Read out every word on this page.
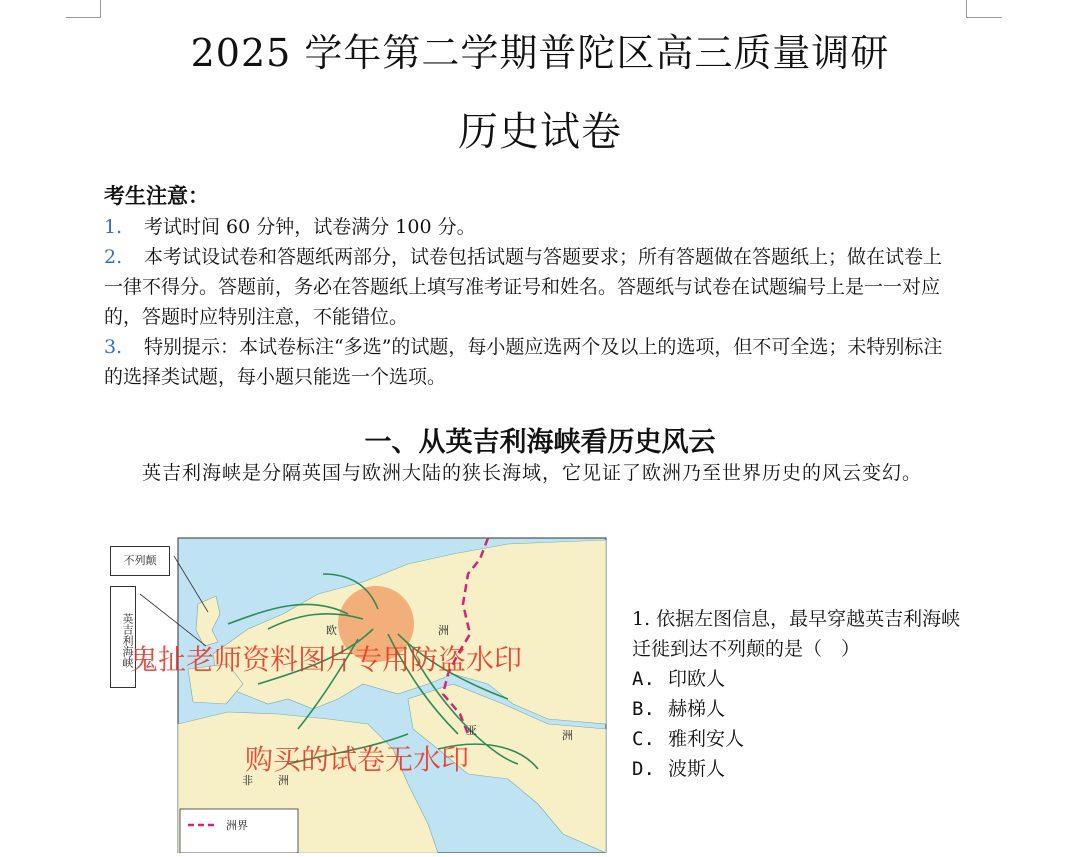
2025 学年第二学期普陀区高三质量调研
历史试卷
考生注意：
1. 考试时间 60 分钟，试卷满分 100 分。
2. 本考试设试卷和答题纸两部分，试卷包括试题与答题要求；所有答题做在答题纸上；做在试卷上一律不得分。答题前，务必在答题纸上填写准考证号和姓名。答题纸与试卷在试题编号上是一一对应的，答题时应特别注意，不能错位。
3. 特别提示：本试卷标注“多选”的试题，每小题应选两个及以上的选项，但不可全选；未特别标注的选择类试题，每小题只能选一个选项。
一、从英吉利海峡看历史风云
英吉利海峡是分隔英国与欧洲大陆的狭长海域，它见证了欧洲乃至世界历史的风云变幻。
欧	洲
亚	洲
非 洲
洲界
不列颠
英吉利海峡	1. 依据左图信息，最早穿越英吉利海峡迁徙到达不列颠的是（　）

A. 印欧人
B. 赫梯人
C. 雅利安人
D. 波斯人
鬼扯老师资料图片专用防盗水印
购买的试卷无水印
